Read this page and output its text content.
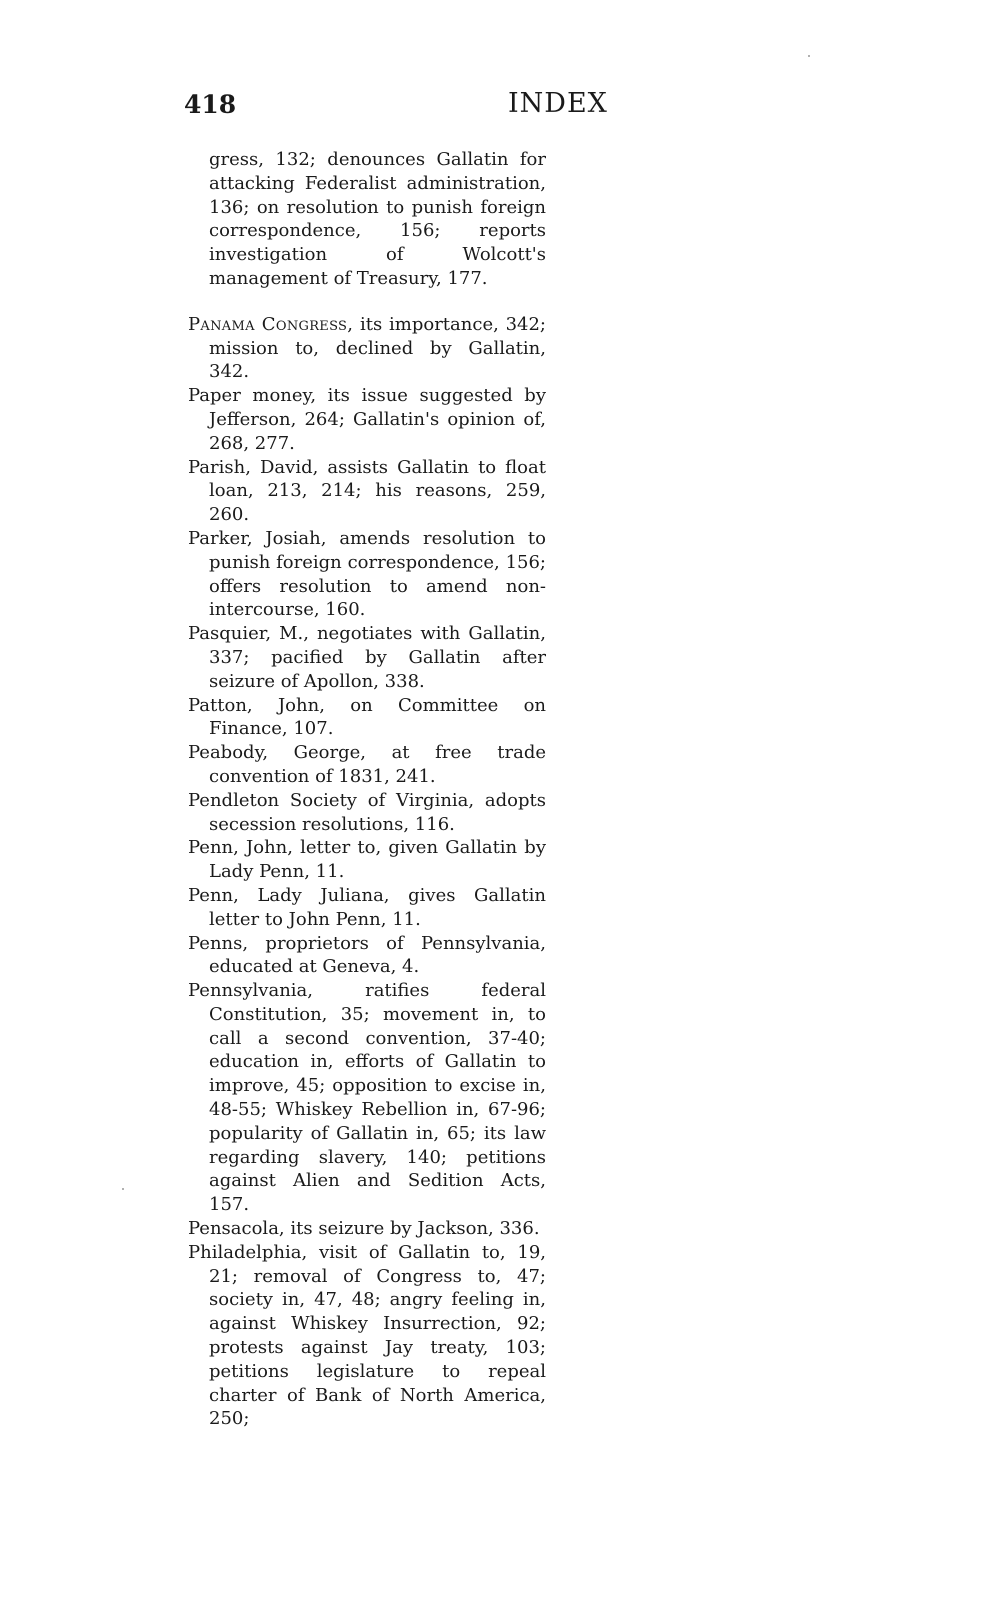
418	INDEX

gress, 132; denounces Gallatin for attacking Federalist administration, 136; on resolution to punish foreign correspondence, 156; reports investigation of Wolcott's management of Treasury, 177.

Panama Congress, its importance, 342; mission to, declined by Gallatin, 342.

Paper money, its issue suggested by Jefferson, 264; Gallatin's opinion of, 268, 277.

Parish, David, assists Gallatin to float loan, 213, 214; his reasons, 259, 260.

Parker, Josiah, amends resolution to punish foreign correspondence, 156; offers resolution to amend non-intercourse, 160.

Pasquier, M., negotiates with Gallatin, 337; pacified by Gallatin after seizure of Apollon, 338.

Patton, John, on Committee on Finance, 107.

Peabody, George, at free trade convention of 1831, 241.

Pendleton Society of Virginia, adopts secession resolutions, 116.

Penn, John, letter to, given Gallatin by Lady Penn, 11.

Penn, Lady Juliana, gives Gallatin letter to John Penn, 11.

Penns, proprietors of Pennsylvania, educated at Geneva, 4.

Pennsylvania, ratifies federal Constitution, 35; movement in, to call a second convention, 37-40; education in, efforts of Gallatin to improve, 45; opposition to excise in, 48-55; Whiskey Rebellion in, 67-96; popularity of Gallatin in, 65; its law regarding slavery, 140; petitions against Alien and Sedition Acts, 157.

Pensacola, its seizure by Jackson, 336.

Philadelphia, visit of Gallatin to, 19, 21; removal of Congress to, 47; society in, 47, 48; angry feeling in, against Whiskey Insurrection, 92; protests against Jay treaty, 103; petitions legislature to repeal charter of Bank of North America, 250;
